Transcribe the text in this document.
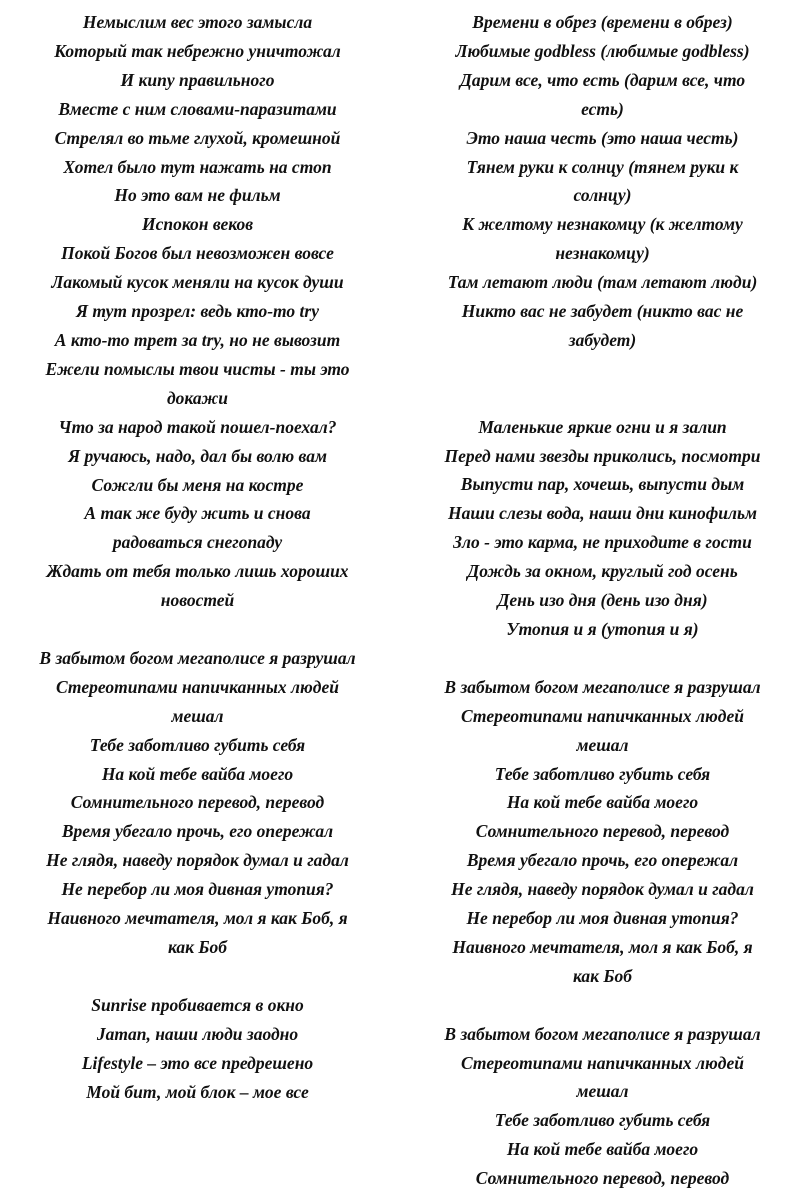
Немыслим вес этого замысла
Который так небрежно уничтожал
И кипу правильного
Вместе с ним словами-паразитами
Стрелял во тьме глухой, кромешной
Хотел было тут нажать на стоп
Но это вам не фильм
Испокон веков
Покой Богов был невозможен вовсе
Лакомый кусок меняли на кусок души
Я тут прозрел: ведь кто-то try
А кто-то трет за try, но не вывозит
Ежели помыслы твои чисты - ты это
докажи
Что за народ такой пошел-поехал?
Я ручаюсь, надо, дал бы волю вам
Сожгли бы меня на костре
А так же буду жить и снова
радоваться снегопаду
Ждать от тебя только лишь хороших
новостей
В забытом богом мегаполисе я разрушал
Стереотипами напичканных людей
мешал
Тебе заботливо губить себя
На кой тебе вайба моего
Сомнительного перевод, перевод
Время убегало прочь, его опережал
Не глядя, наведу порядок думал и гадал
Не перебор ли моя дивная утопия?
Наивного мечтателя, мол я как Боб, я
как Боб
Sunrise пробивается в окно
Jaтап, наши люди заодно
Lifestyle – это все предрешено
Мой бит, мой блок – мое все
Времени в обрез (времени в обрез)
Любимые godbless (любимые godbless)
Дарим все, что есть (дарим все, что
есть)
Это наша честь (это наша честь)
Тянем руки к солнцу (тянем руки к
солнцу)
К желтому незнакомцу (к желтому
незнакомцу)
Там летают люди (там летают люди)
Никто вас не забудет (никто вас не
забудет)
Маленькие яркие огни и я залип
Перед нами звезды приколись, посмотри
Выпусти пар, хочешь, выпусти дым
Наши слезы вода, наши дни кинофильм
Зло - это карма, не приходите в гости
Дождь за окном, круглый год осень
День изо дня (день изо дня)
Утопия и я (утопия и я)
В забытом богом мегаполисе я разрушал
Стереотипами напичканных людей
мешал
Тебе заботливо губить себя
На кой тебе вайба моего
Сомнительного перевод, перевод
Время убегало прочь, его опережал
Не глядя, наведу порядок думал и гадал
Не перебор ли моя дивная утопия?
Наивного мечтателя, мол я как Боб, я
как Боб
В забытом богом мегаполисе я разрушал
Стереотипами напичканных людей
мешал
Тебе заботливо губить себя
На кой тебе вайба моего
Сомнительного перевод, перевод
